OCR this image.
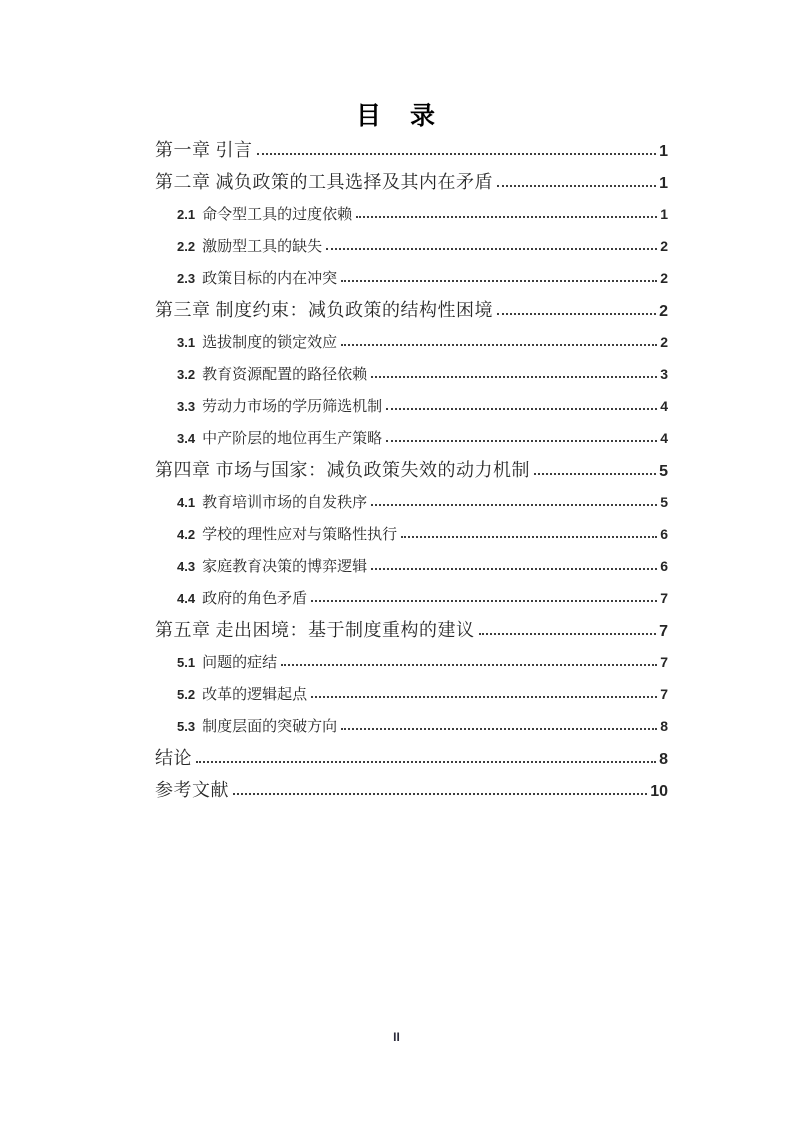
目　录
第一章 引言	1
第二章 减负政策的工具选择及其内在矛盾	1
2.1 命令型工具的过度依赖	1
2.2 激励型工具的缺失	2
2.3 政策目标的内在冲突	2
第三章 制度约束：减负政策的结构性困境	2
3.1 选拔制度的锁定效应	2
3.2 教育资源配置的路径依赖	3
3.3 劳动力市场的学历筛选机制	4
3.4 中产阶层的地位再生产策略	4
第四章 市场与国家：减负政策失效的动力机制	5
4.1 教育培训市场的自发秩序	5
4.2 学校的理性应对与策略性执行	6
4.3 家庭教育决策的博弈逻辑	6
4.4 政府的角色矛盾	7
第五章 走出困境：基于制度重构的建议	7
5.1 问题的症结	7
5.2 改革的逻辑起点	7
5.3 制度层面的突破方向	8
结论	8
参考文献	10
II
